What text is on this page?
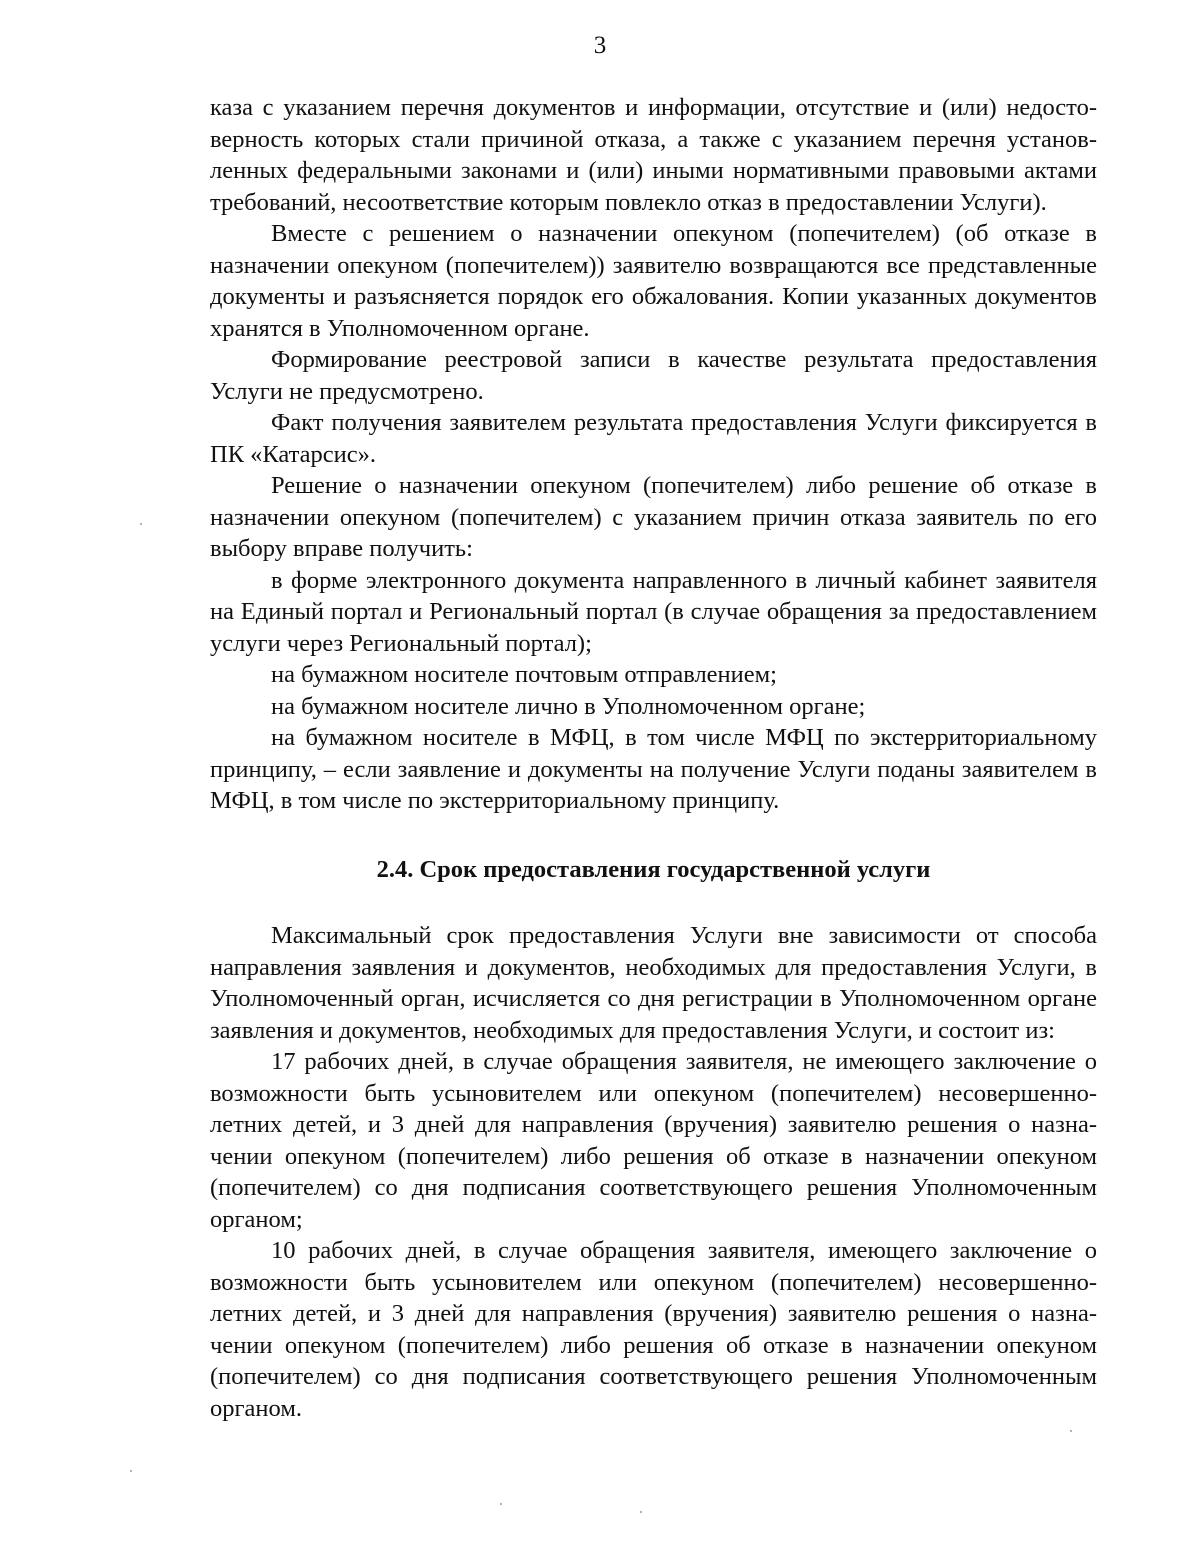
3

каза с указанием перечня документов и информации, отсутствие и (или) недостоверность которых стали причиной отказа, а также с указанием перечня установленных федеральными законами и (или) иными нормативными правовыми актами требований, несоответствие которым повлекло отказ в предоставлении Услуги).

Вместе с решением о назначении опекуном (попечителем) (об отказе в назначении опекуном (попечителем)) заявителю возвращаются все представленные документы и разъясняется порядок его обжалования. Копии указанных документов хранятся в Уполномоченном органе.

Формирование реестровой записи в качестве результата предоставления Услуги не предусмотрено.

Факт получения заявителем результата предоставления Услуги фиксируется в ПК «Катарсис».

Решение о назначении опекуном (попечителем) либо решение об отказе в назначении опекуном (попечителем) с указанием причин отказа заявитель по его выбору вправе получить:

в форме электронного документа направленного в личный кабинет заявителя на Единый портал и Региональный портал (в случае обращения за предоставлением услуги через Региональный портал);

на бумажном носителе почтовым отправлением;

на бумажном носителе лично в Уполномоченном органе;

на бумажном носителе в МФЦ, в том числе МФЦ по экстерриториальному принципу, – если заявление и документы на получение Услуги поданы заявителем в МФЦ, в том числе по экстерриториальному принципу.

2.4. Срок предоставления государственной услуги

Максимальный срок предоставления Услуги вне зависимости от способа направления заявления и документов, необходимых для предоставления Услуги, в Уполномоченный орган, исчисляется со дня регистрации в Уполномоченном органе заявления и документов, необходимых для предоставления Услуги, и состоит из:

17 рабочих дней, в случае обращения заявителя, не имеющего заключение о возможности быть усыновителем или опекуном (попечителем) несовершеннолетних детей, и 3 дней для направления (вручения) заявителю решения о назначении опекуном (попечителем) либо решения об отказе в назначении опекуном (попечителем) со дня подписания соответствующего решения Уполномоченным органом;

10 рабочих дней, в случае обращения заявителя, имеющего заключение о возможности быть усыновителем или опекуном (попечителем) несовершеннолетних детей, и 3 дней для направления (вручения) заявителю решения о назначении опекуном (попечителем) либо решения об отказе в назначении опекуном (попечителем) со дня подписания соответствующего решения Уполномоченным органом.
